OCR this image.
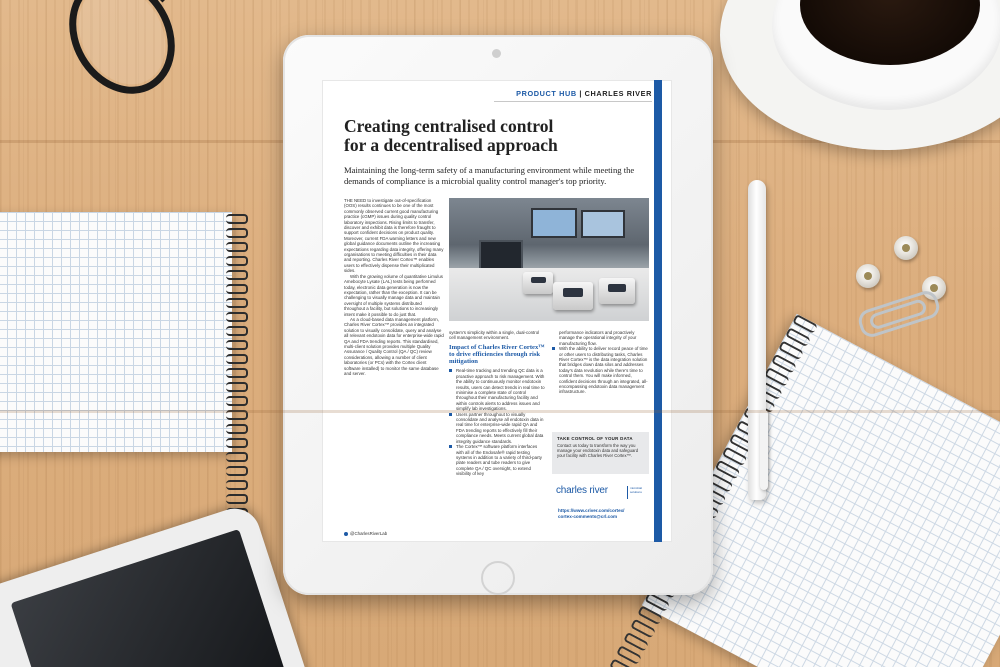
PRODUCT HUB | CHARLES RIVER
Creating centralised control
for a decentralised approach

Maintaining the long-term safety of a manufacturing environment while meeting the demands of compliance is a microbial quality control manager's top priority.

THE NEED to investigate out-of-specification (OOS) results continues to be one of the most commonly observed current good manufacturing practice (cGMP) issues during quality control laboratory inspections. Rising limits to transfer, discover and exhibit data is therefore fraught to support confident decisions on product quality. Moreover, current FDA warning letters and new global guidance documents outline the increasing expectations regarding data integrity, offering many organisations to meeting difficulties in their data and reporting. Charles River Cortex™ enables users to effectively dispense their multiplicated sides.

With the growing volume of quantitative Limulus Amebocyte Lysate (LAL) tests being performed today, electronic data generation is now the expectation, rather than the exception. It can be challenging to visually manage data and maintain oversight of multiple systems distributed throughout a facility, but solutions to increasingly intent make it possible to do just that.

As a cloud-based data management platform, Charles River Cortex™ provides an integrated solution to visually consolidate, query and analyse all relevant endotoxin data for enterprise-wide rapid QA and FDA trending reports. This standardised, multi-client solution provides multiple Quality Assurance / Quality Control (QA / QC) review considerations, allowing a number of client laboratories (or PCs) with the Cortex client software installed) to monitor the same database and server.

system's simplicity within a single, dual-control cell management environment.

Impact of Charles River Cortex™ to drive efficiencies through risk mitigation

Real-time tracking and trending QC data is a proactive approach to risk management. With the ability to continuously monitor endotoxin results, users can detect trends in real time to minimise a complete state of control throughout their manufacturing facility and within controls alerts to address issues and simplify lab investigations.

Users partner throughout to visually consolidate and analyse all endotoxin data in real time for enterprise-wide rapid QA and FDA trending reports to effectively fill their compliance needs. Meets current global data integrity guidance standards.

The Cortex™ software platform interfaces with all of the Endosafe® rapid testing systems in addition to a variety of third-party plate readers and tube readers to give complete QA / QC oversight, to extend visibility of key

performance indicators and proactively manage the operational integrity of your manufacturing flow.

With the ability to deliver record peace of time or other users to distributing tasks, Charles River Cortex™ is the data integration solution that bridges down data silos and addresses today's data revolution while there's time to control them. You will make informed, confident decisions through an integrated, all-encompassing endotoxin data management infrastructure.

TAKE CONTROL OF YOUR DATA
Contact us today to transform the way you manage your endotoxin data and safeguard your facility with Charles River Cortex™.
charles river	microbial solutions
https://www.criver.com/cortex/
cortex-comments@crl.com
@CharlesRiverLab
